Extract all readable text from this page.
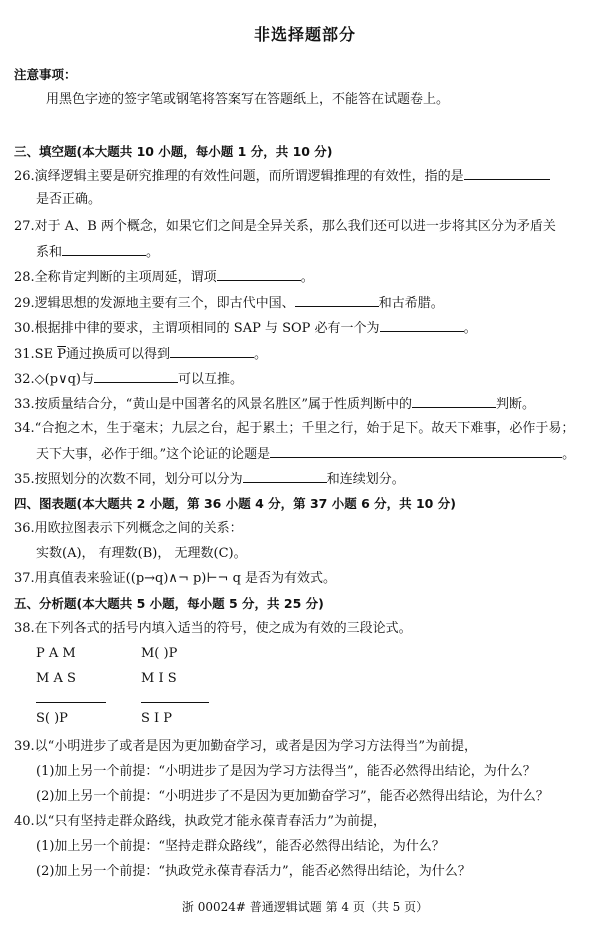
非选择题部分
注意事项：
用黑色字迹的签字笔或钢笔将答案写在答题纸上，不能答在试题卷上。
三、填空题(本大题共 10 小题，每小题 1 分，共 10 分)
26.演绎逻辑主要是研究推理的有效性问题，而所谓逻辑推理的有效性，指的是
是否正确。
27.对于 A、B 两个概念，如果它们之间是全异关系，那么我们还可以进一步将其区分为矛盾关
系和	。
28.全称肯定判断的主项周延，谓项	。
29.逻辑思想的发源地主要有三个，即古代中国、	和古希腊。
30.根据排中律的要求，主谓项相同的 SAP 与 SOP 必有一个为	。
31.SE $\overline{P}$通过换质可以得到	。
32.◇(p∨q)与	可以互推。
33.按质量结合分，“黄山是中国著名的风景名胜区”属于性质判断中的	判断。
34.“合抱之木，生于毫末；九层之台，起于累土；千里之行，始于足下。故天下难事，必作于易；
天下大事，必作于细。”这个论证的论题是	。
35.按照划分的次数不同，划分可以分为	和连续划分。
四、图表题(本大题共 2 小题，第 36 小题 4 分，第 37 小题 6 分，共 10 分)
36.用欧拉图表示下列概念之间的关系：
实数(A)， 有理数(B)， 无理数(C)。
37.用真值表来验证((p→q)∧¬ p)⊢¬ q 是否为有效式。
五、分析题(本大题共 5 小题，每小题 5 分，共 25 分)
38.在下列各式的括号内填入适当的符号，使之成为有效的三段论式。
P A M
M A S
S( )P
M( )P
M I S
S I P
39.以“小明进步了或者是因为更加勤奋学习，或者是因为学习方法得当”为前提，
(1)加上另一个前提：“小明进步了是因为学习方法得当”，能否必然得出结论，为什么？
(2)加上另一个前提：“小明进步了不是因为更加勤奋学习”，能否必然得出结论，为什么？
40.以“只有坚持走群众路线，执政党才能永葆青春活力”为前提，
(1)加上另一个前提：“坚持走群众路线”，能否必然得出结论，为什么？
(2)加上另一个前提：“执政党永葆青春活力”，能否必然得出结论，为什么？
浙 00024# 普通逻辑试题 第 4 页（共 5 页）
